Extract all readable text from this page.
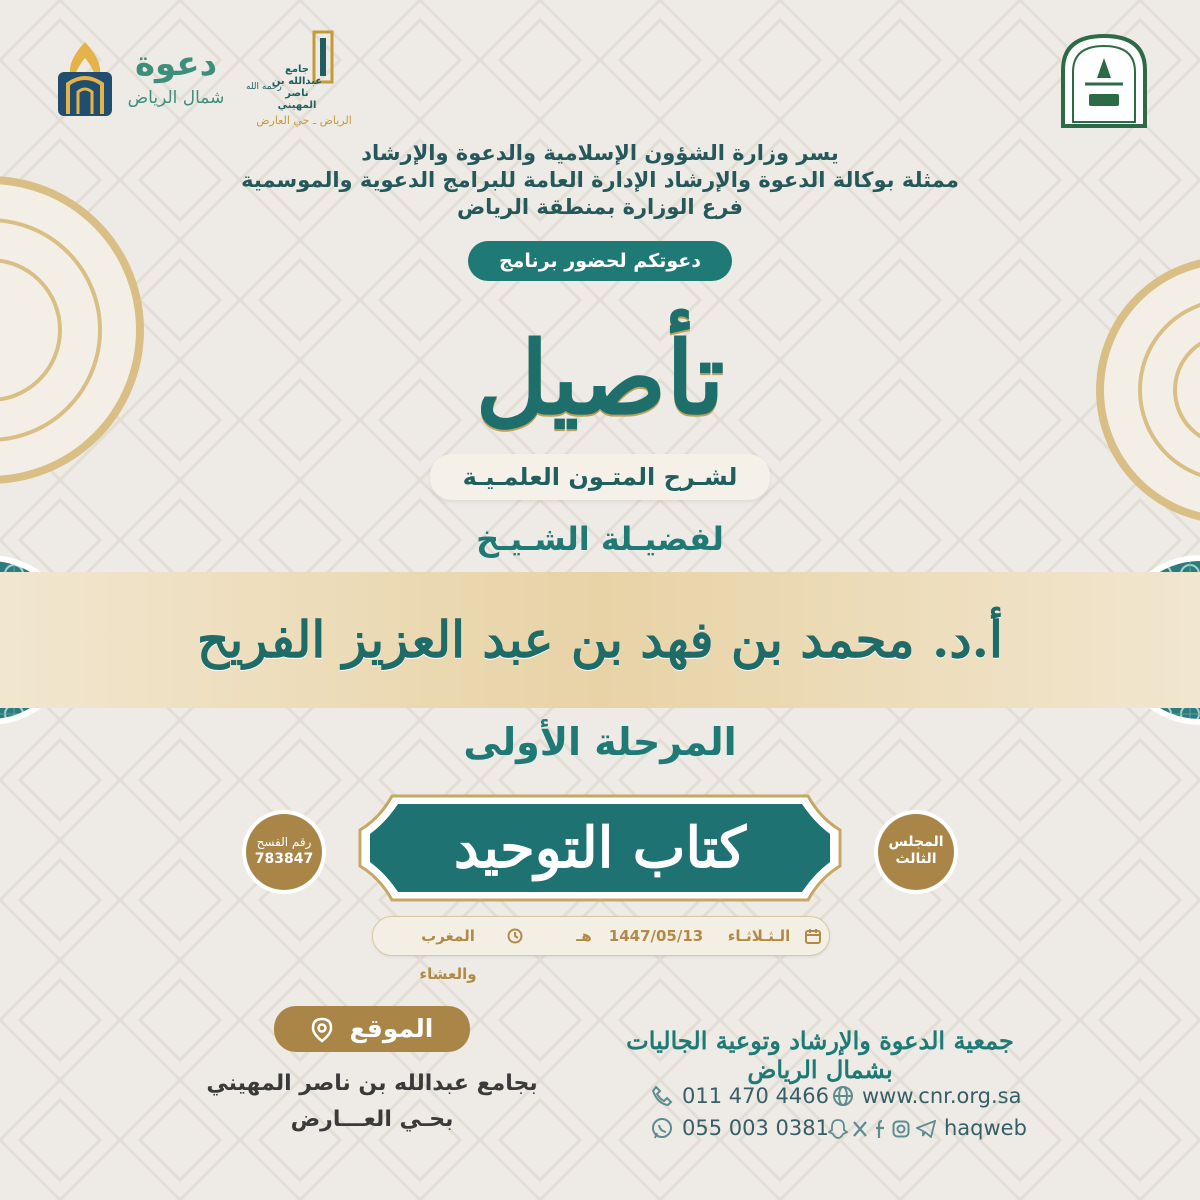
جامع
عبدالله بن ناصر
المهيني
رحمه الله
الرياض ـ حي العارض
دعوة
شمال الرياض
يسر وزارة الشؤون الإسلامية والدعوة والإرشاد
ممثلة بوكالة الدعوة والإرشاد الإدارة العامة للبرامج الدعوية والموسمية
فرع الوزارة بمنطقة الرياض
دعوتكم لحضور برنامج
تأصيل
لشـرح المتـون العلمـيـة
لفضيـلة الشـيـخ
أ.د. محمد بن فهد بن عبد العزيز الفريح
المرحلة الأولى
كتاب التوحيد	المجلس
الثالث
رقم الفسح
783847
الـثـلاثـاء
1447/05/13
هـ
المغرب والعشاء
الموقع
بجامع عبدالله بن ناصر المهيني
بحـي العـــارض
جمعية الدعوة والإرشاد وتوعية الجاليات بشمال الرياض
011 470 4466 www.cnr.org.sa
055 003 0381	haqweb
